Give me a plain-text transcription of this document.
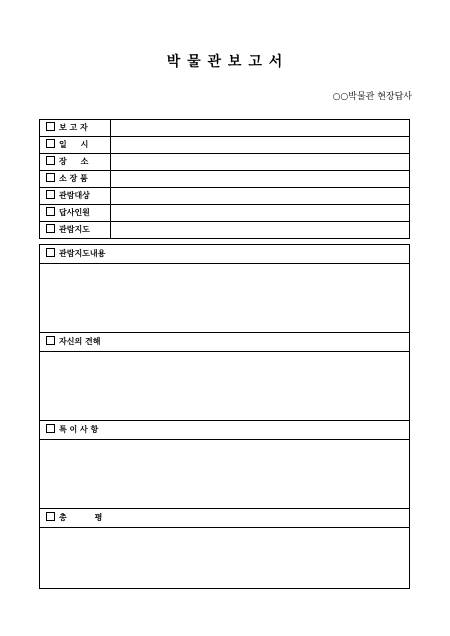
박 물 관 보 고 서
○○박물관 현장답사
보 고 자	
일     시	
장     소	
소 장 품	
관람대상	
답사인원	
관람지도	
관람지도내용

자신의 견해

특 이 사 항

총          평
